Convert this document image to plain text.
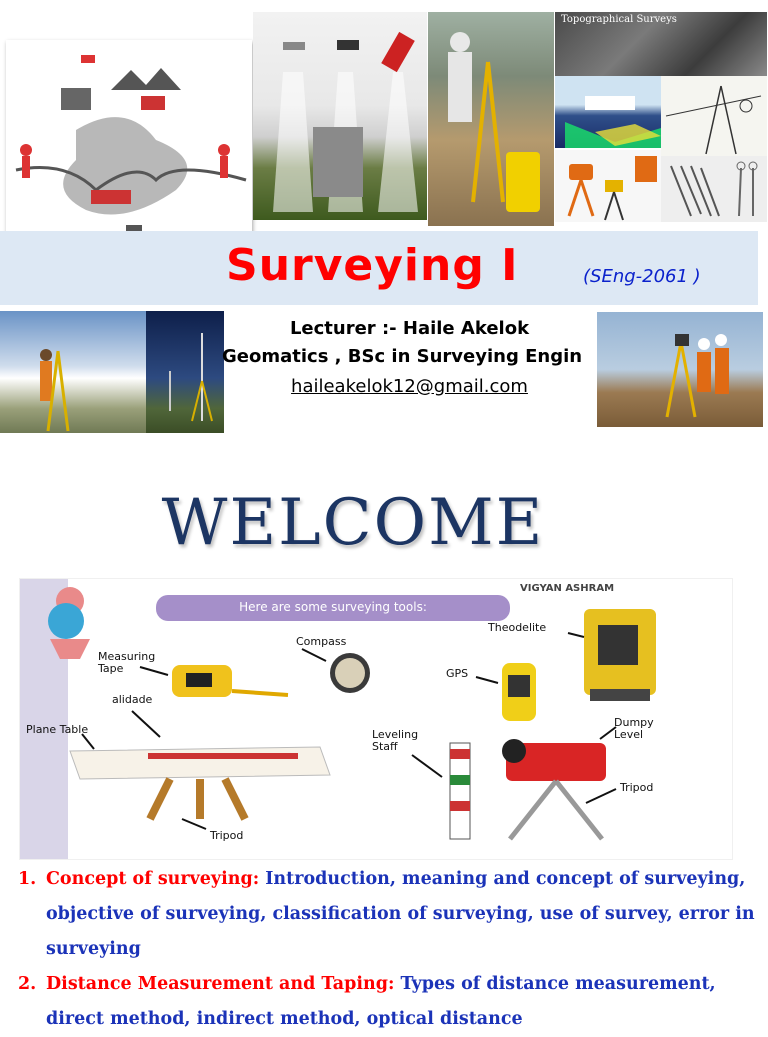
Topographical Surveys
Surveying I	(SEng-2061 )
Lecturer :- Haile Akelok
Geomatics , BSc in Surveying Engin
haileakelok12@gmail.com
WELCOME
VIGYAN ASHRAM
Here are some surveying tools:
Measuring
Tape
Compass
GPS
Theodelite
alidade
Plane Table	Leveling
Staff
Dumpy
Level
Tripod
Tripod
1. Concept of surveying: Introduction, meaning and concept of surveying, objective of surveying, classification of surveying, use of survey, error in surveying
2. Distance Measurement and Taping: Types of distance measurement, direct method, indirect method, optical distance
